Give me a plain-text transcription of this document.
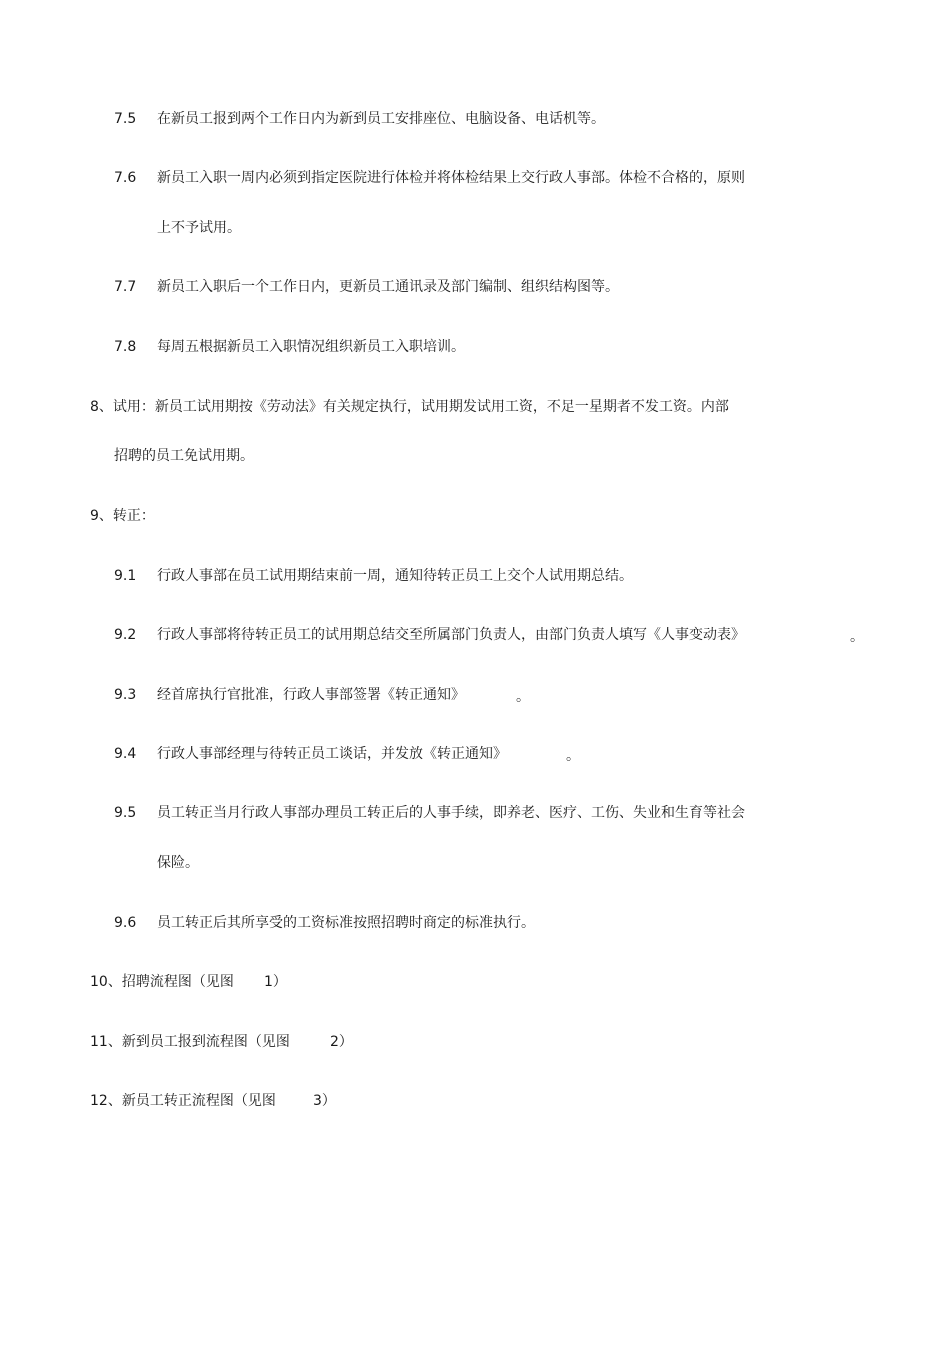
7.5 在新员工报到两个工作日内为新到员工安排座位、电脑设备、电话机等。
7.6 新员工入职一周内必须到指定医院进行体检并将体检结果上交行政人事部。体检不合格的，原则
上不予试用。
7.7 新员工入职后一个工作日内，更新员工通讯录及部门编制、组织结构图等。
7.8 每周五根据新员工入职情况组织新员工入职培训。
8、试用：新员工试用期按《劳动法》有关规定执行，试用期发试用工资，不足一星期者不发工资。内部
招聘的员工免试用期。
9、转正：
9.1 行政人事部在员工试用期结束前一周，通知待转正员工上交个人试用期总结。
9.2 行政人事部将待转正员工的试用期总结交至所属部门负责人，由部门负责人填写《人事变动表》	。
9.3 经首席执行官批准，行政人事部签署《转正通知》	。
9.4 行政人事部经理与待转正员工谈话，并发放《转正通知》	。
9.5 员工转正当月行政人事部办理员工转正后的人事手续，即养老、医疗、工伤、失业和生育等社会
保险。
9.6 员工转正后其所享受的工资标准按照招聘时商定的标准执行。
10、招聘流程图（见图 1）
11、新到员工报到流程图（见图	2）
12、新员工转正流程图（见图	3）
